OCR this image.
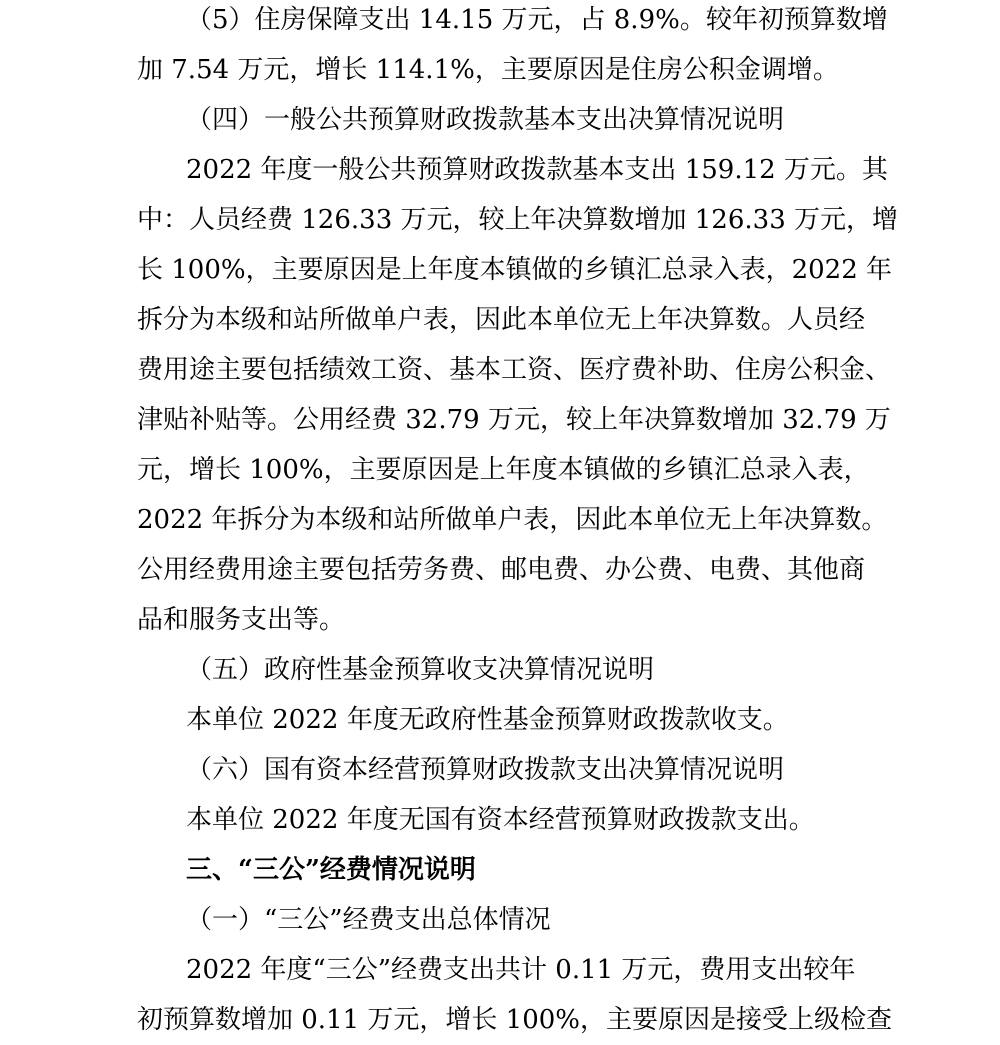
（5）住房保障支出 14.15 万元，占 8.9%。较年初预算数增
加 7.54 万元，增长 114.1%，主要原因是住房公积金调增。
（四）一般公共预算财政拨款基本支出决算情况说明
2022 年度一般公共预算财政拨款基本支出 159.12 万元。其
中：人员经费 126.33 万元，较上年决算数增加 126.33 万元，增
长 100%，主要原因是上年度本镇做的乡镇汇总录入表，2022 年
拆分为本级和站所做单户表，因此本单位无上年决算数。人员经
费用途主要包括绩效工资、基本工资、医疗费补助、住房公积金、
津贴补贴等。公用经费 32.79 万元，较上年决算数增加 32.79 万
元，增长 100%，主要原因是上年度本镇做的乡镇汇总录入表，
2022 年拆分为本级和站所做单户表，因此本单位无上年决算数。
公用经费用途主要包括劳务费、邮电费、办公费、电费、其他商
品和服务支出等。
（五）政府性基金预算收支决算情况说明
本单位 2022 年度无政府性基金预算财政拨款收支。
（六）国有资本经营预算财政拨款支出决算情况说明
本单位 2022 年度无国有资本经营预算财政拨款支出。
三、“三公”经费情况说明
（一）“三公”经费支出总体情况
2022 年度“三公”经费支出共计 0.11 万元，费用支出较年
初预算数增加 0.11 万元，增长 100%，主要原因是接受上级检查
